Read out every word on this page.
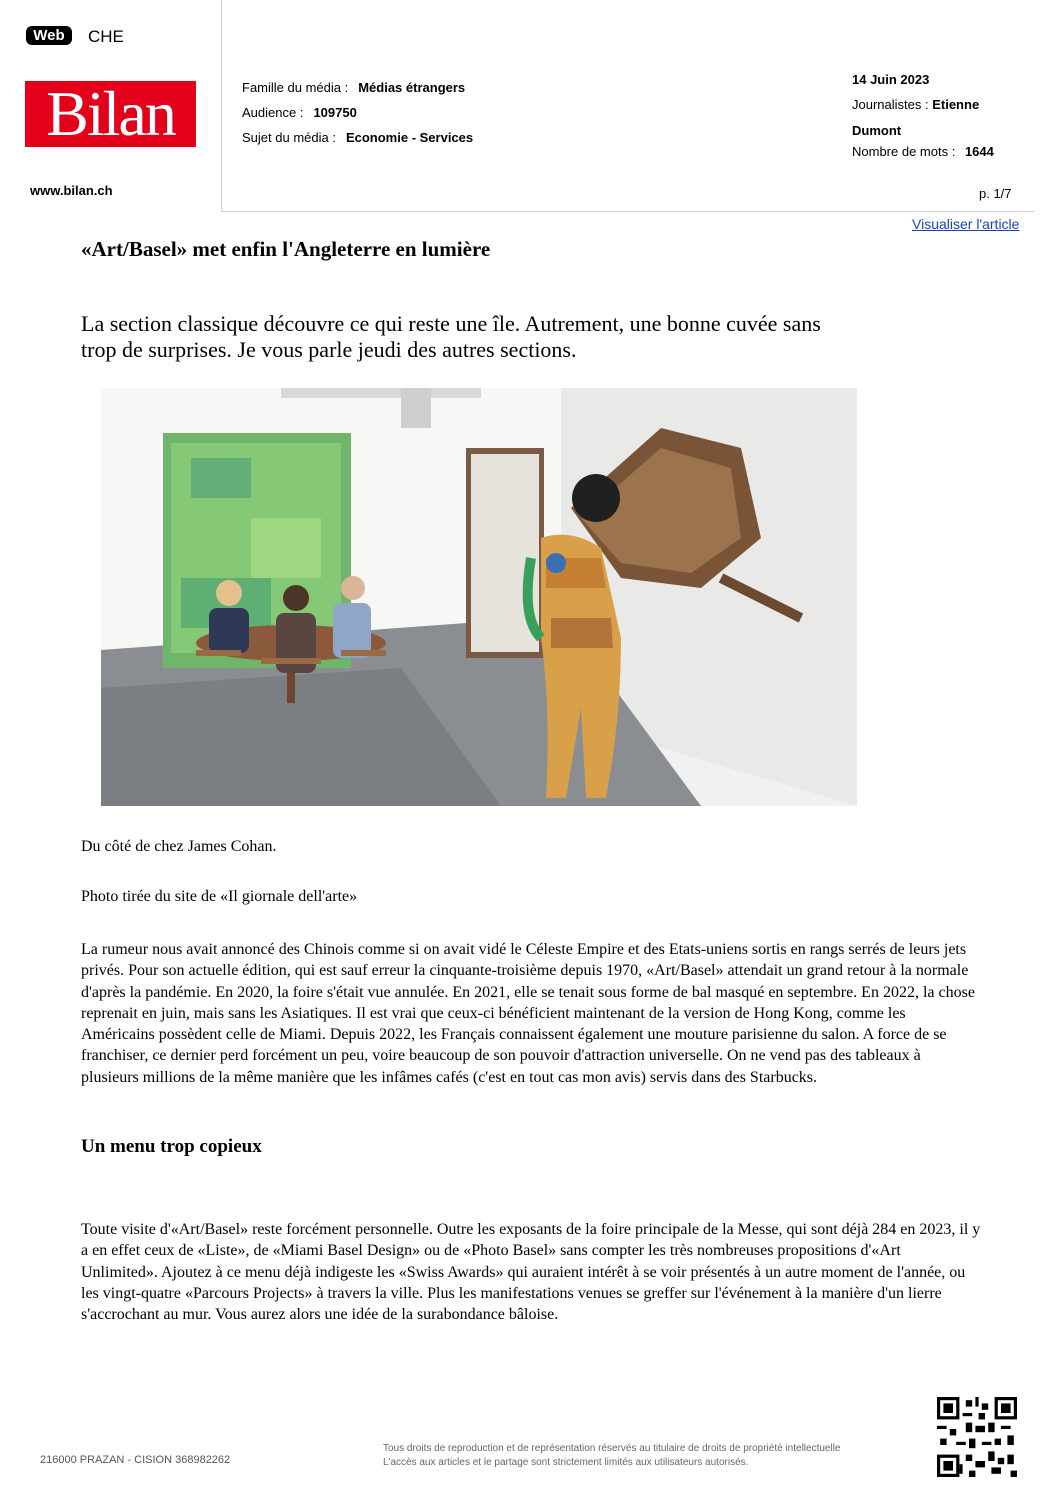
Web	CHE
Bilan
www.bilan.ch
Famille du média : Médias étrangers
Audience : 109750
Sujet du média : Economie - Services
14 Juin 2023
Journalistes : Etienne
Dumont
Nombre de mots : 1644
p. 1/7
Visualiser l'article
«Art/Basel» met enfin l'Angleterre en lumière

La section classique découvre ce qui reste une île. Autrement, une bonne cuvée sans trop de surprises. Je vous parle jeudi des autres sections.

Du côté de chez James Cohan.

Photo tirée du site de «Il giornale dell'arte»

La rumeur nous avait annoncé des Chinois comme si on avait vidé le Céleste Empire et des Etats-uniens sortis en rangs serrés de leurs jets privés. Pour son actuelle édition, qui est sauf erreur la cinquante-troisième depuis 1970, «Art/Basel» attendait un grand retour à la normale d'après la pandémie. En 2020, la foire s'était vue annulée. En 2021, elle se tenait sous forme de bal masqué en septembre. En 2022, la chose reprenait en juin, mais sans les Asiatiques. Il est vrai que ceux-ci bénéficient maintenant de la version de Hong Kong, comme les Américains possèdent celle de Miami. Depuis 2022, les Français connaissent également une mouture parisienne du salon. A force de se franchiser, ce dernier perd forcément un peu, voire beaucoup de son pouvoir d'attraction universelle. On ne vend pas des tableaux à plusieurs millions de la même manière que les infâmes cafés (c'est en tout cas mon avis) servis dans des Starbucks.

Un menu trop copieux

Toute visite d'«Art/Basel» reste forcément personnelle. Outre les exposants de la foire principale de la Messe, qui sont déjà 284 en 2023, il y a en effet ceux de «Liste», de «Miami Basel Design» ou de «Photo Basel» sans compter les très nombreuses propositions d'«Art Unlimited». Ajoutez à ce menu déjà indigeste les «Swiss Awards» qui auraient intérêt à se voir présentés à un autre moment de l'année, ou les vingt-quatre «Parcours Projects» à travers la ville. Plus les manifestations venues se greffer sur l'événement à la manière d'un lierre s'accrochant au mur. Vous aurez alors une idée de la surabondance bâloise.

216000 PRAZAN - CISION 368982262
Tous droits de reproduction et de représentation réservés au titulaire de droits de propriété intellectuelle
L'accès aux articles et le partage sont strictement limités aux utilisateurs autorisés.
